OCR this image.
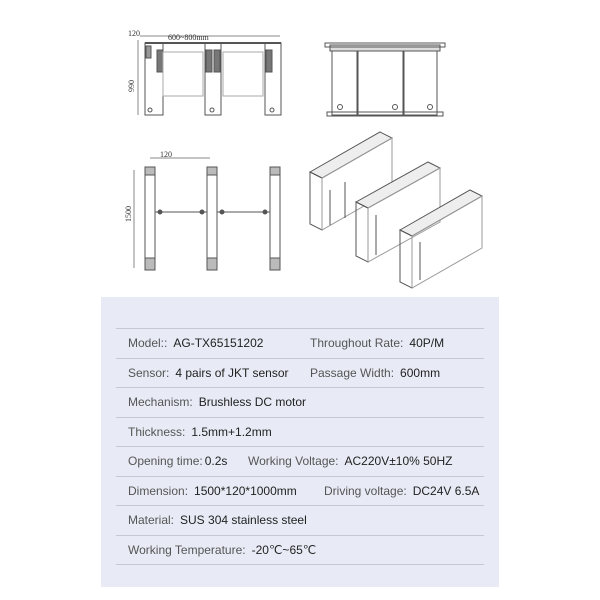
120	600~800mm
990
120
1500
Model:: AG-TX65151202	Throughout Rate: 40P/M
Sensor: 4 pairs of JKT sensor Passage Width: 600mm
Mechanism: Brushless DC motor
Thickness: 1.5mm+1.2mm
Opening time: 0.2s Working Voltage: AC220V±10% 50HZ
Dimension: 1500*120*1000mm Driving voltage: DC24V 6.5A
Material: SUS 304 stainless steel
Working Temperature: -20℃~65℃
